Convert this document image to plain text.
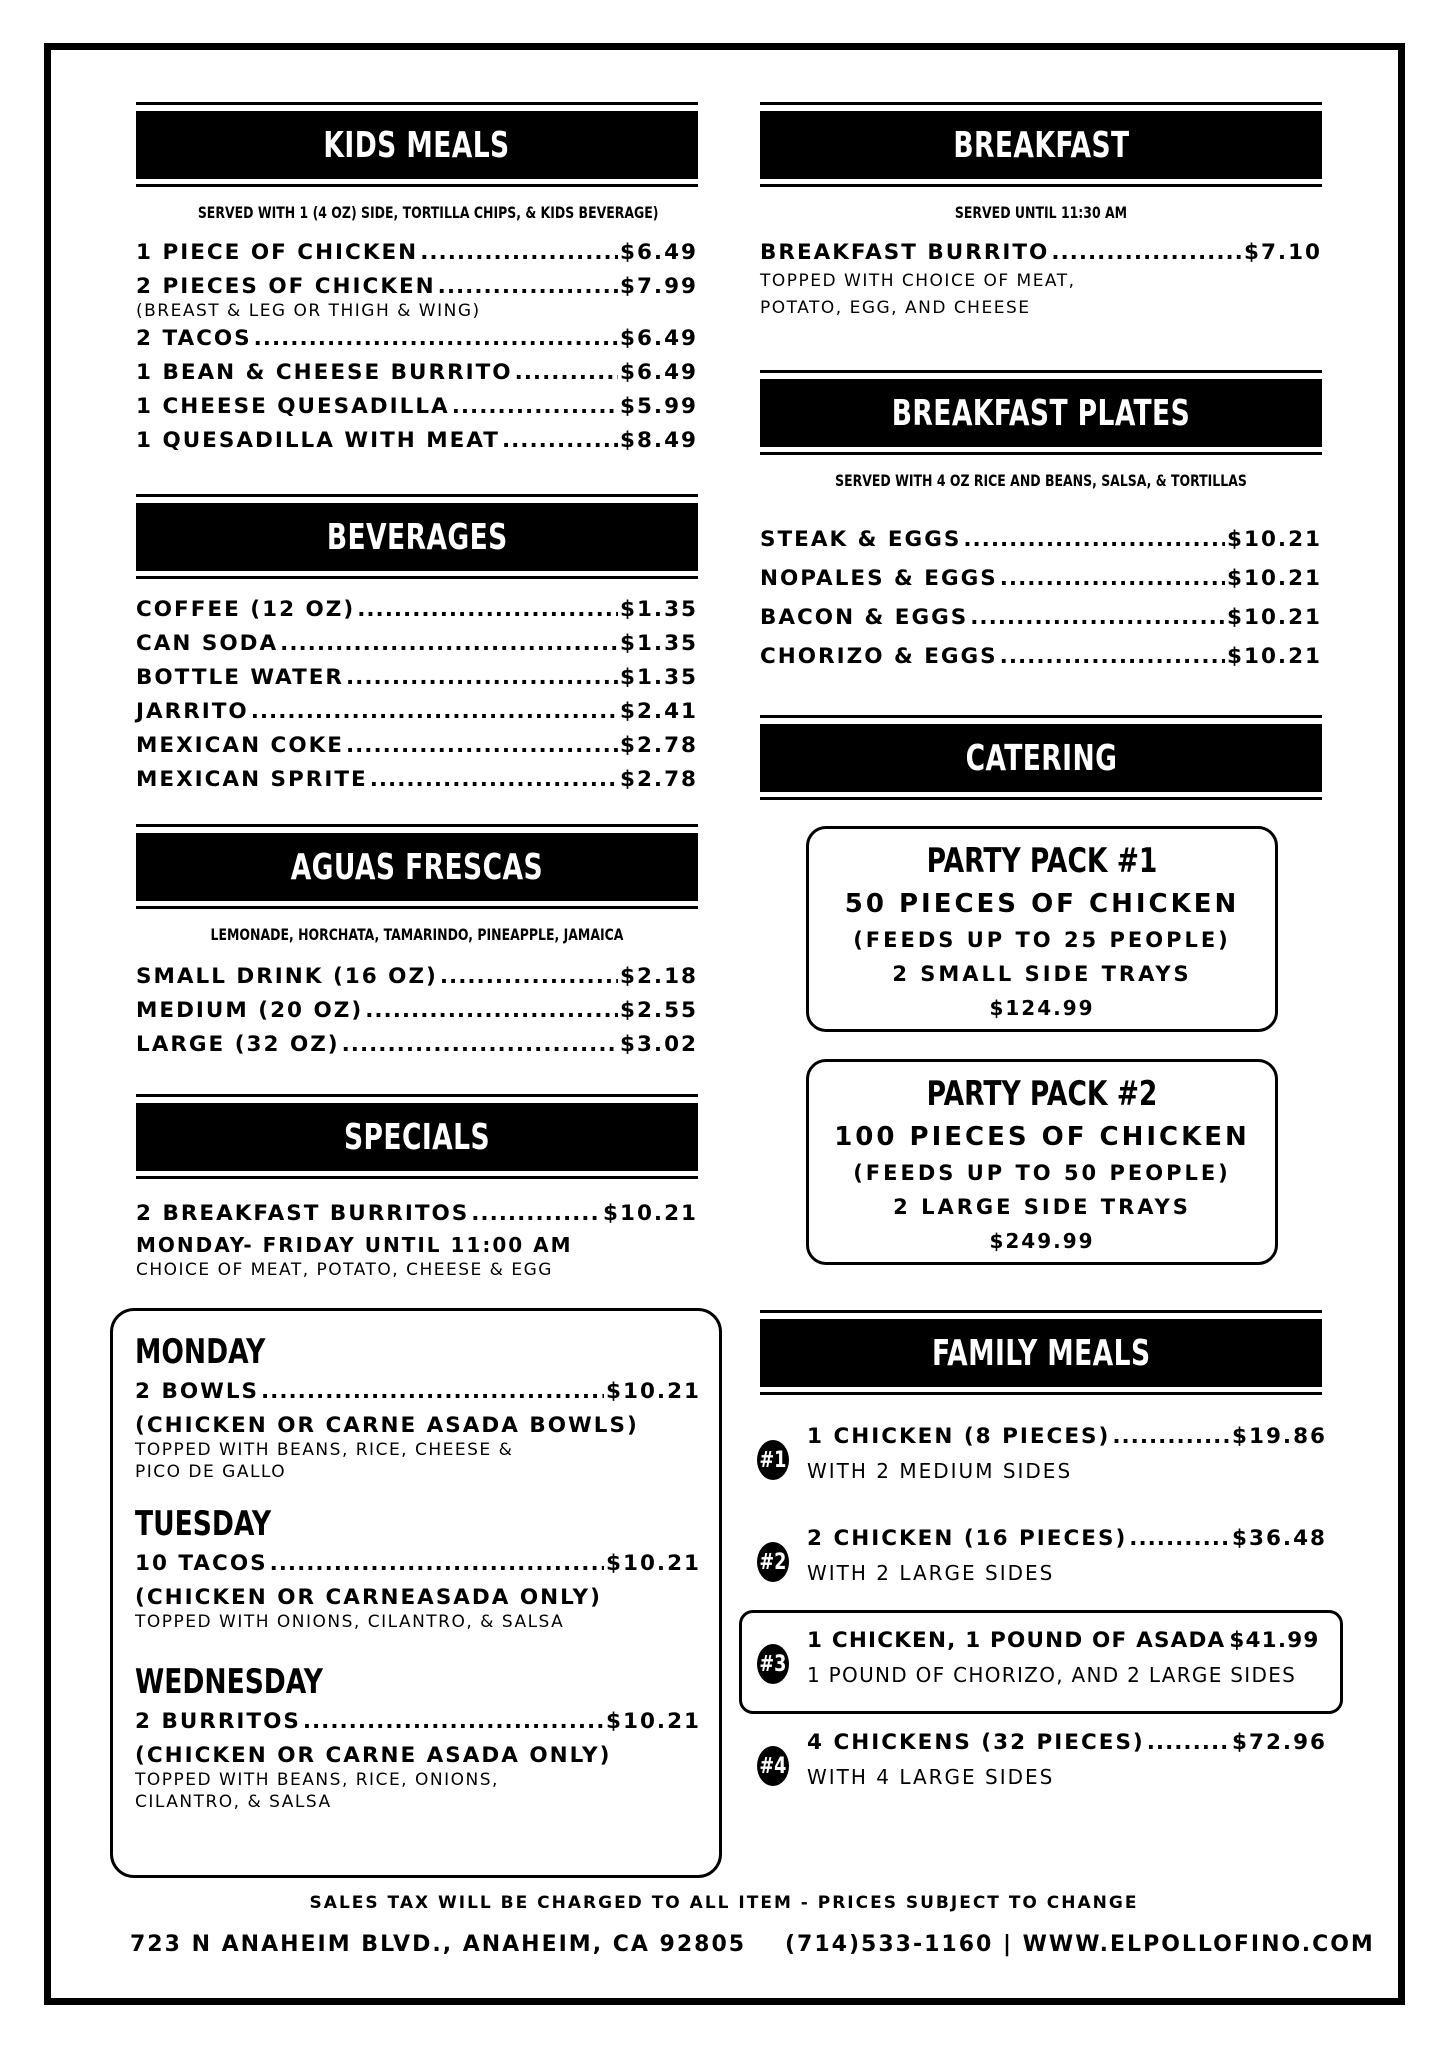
KIDS MEALS
SERVED WITH 1 (4 OZ) SIDE, TORTILLA CHIPS, & KIDS BEVERAGE)
1 PIECE OF CHICKEN .....	$6.49
2 PIECES OF CHICKEN .....	$7.99
(BREAST & LEG OR THIGH & WING)
2 TACOS .....	$6.49
1 BEAN & CHEESE BURRITO .....	$6.49
1 CHEESE QUESADILLA .....	$5.99
1 QUESADILLA WITH MEAT .....	$8.49
BEVERAGES
COFFEE (12 OZ) .....	$1.35
CAN SODA .....	$1.35
BOTTLE WATER .....	$1.35
JARRITO .....	$2.41
MEXICAN COKE .....	$2.78
MEXICAN SPRITE .....	$2.78
AGUAS FRESCAS
LEMONADE, HORCHATA, TAMARINDO, PINEAPPLE, JAMAICA
SMALL DRINK (16 OZ) .....	$2.18
MEDIUM (20 OZ) .....	$2.55
LARGE (32 OZ) .....	$3.02
SPECIALS
2 BREAKFAST BURRITOS .....	$10.21
MONDAY- FRIDAY UNTIL 11:00 AM
CHOICE OF MEAT, POTATO, CHEESE & EGG
MONDAY
2 BOWLS .....	$10.21
(CHICKEN OR CARNE ASADA BOWLS)
TOPPED WITH BEANS, RICE, CHEESE &
PICO DE GALLO
TUESDAY
10 TACOS .....	$10.21
(CHICKEN OR CARNEASADA ONLY)
TOPPED WITH ONIONS, CILANTRO, & SALSA
WEDNESDAY
2 BURRITOS .....	$10.21
(CHICKEN OR CARNE ASADA ONLY)
TOPPED WITH BEANS, RICE, ONIONS,
CILANTRO, & SALSA
BREAKFAST
SERVED UNTIL 11:30 AM
BREAKFAST BURRITO .....	$7.10
TOPPED WITH CHOICE OF MEAT,
POTATO, EGG, AND CHEESE
BREAKFAST PLATES
SERVED WITH 4 OZ RICE AND BEANS, SALSA, & TORTILLAS
STEAK & EGGS .....	$10.21
NOPALES & EGGS .....	$10.21
BACON & EGGS .....	$10.21
CHORIZO & EGGS .....	$10.21
CATERING
PARTY PACK #1
50 PIECES OF CHICKEN
(FEEDS UP TO 25 PEOPLE)
2 SMALL SIDE TRAYS
$124.99
PARTY PACK #2
100 PIECES OF CHICKEN
(FEEDS UP TO 50 PEOPLE)
2 LARGE SIDE TRAYS
$249.99
FAMILY MEALS
#1
1 CHICKEN (8 PIECES) .....	$19.86
WITH 2 MEDIUM SIDES
#2
2 CHICKEN (16 PIECES) .....	$36.48
WITH 2 LARGE SIDES
#3
1 CHICKEN, 1 POUND OF ASADA $41.99
1 POUND OF CHORIZO, AND 2 LARGE SIDES
#4
4 CHICKENS (32 PIECES) .....	$72.96
WITH 4 LARGE SIDES
SALES TAX WILL BE CHARGED TO ALL ITEM - PRICES SUBJECT TO CHANGE
723 N ANAHEIM BLVD., ANAHEIM, CA 92805 (714)533-1160 | WWW.ELPOLLOFINO.COM
